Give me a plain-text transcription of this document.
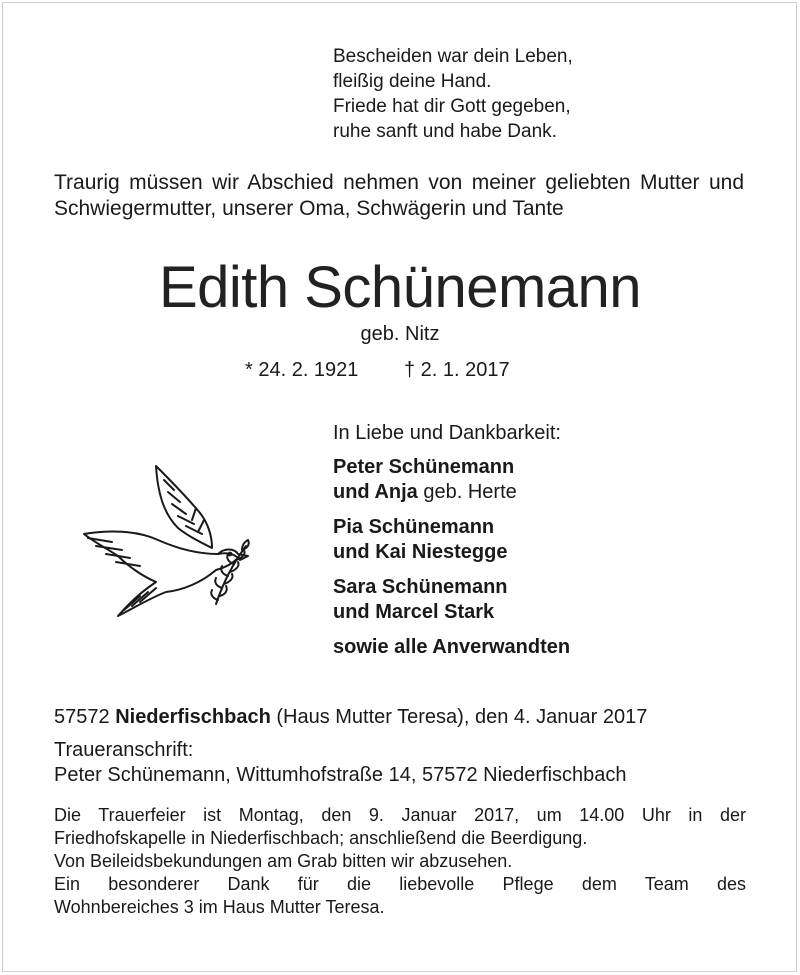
Bescheiden war dein Leben,
fleißig deine Hand.
Friede hat dir Gott gegeben,
ruhe sanft und habe Dank.
Traurig müssen wir Abschied nehmen von meiner geliebten Mutter und Schwiegermutter, unserer Oma, Schwägerin und Tante
Edith Schünemann
geb. Nitz
* 24. 2. 1921 † 2. 1. 2017
In Liebe und Dankbarkeit:
Peter Schünemann
und Anja geb. Herte
Pia Schünemann
und Kai Niestegge
Sara Schünemann
und Marcel Stark
sowie alle Anverwandten
57572 Niederfischbach (Haus Mutter Teresa), den 4. Januar 2017
Traueranschrift:
Peter Schünemann, Wittumhofstraße 14, 57572 Niederfischbach
Die Trauerfeier ist Montag, den 9. Januar 2017, um 14.00 Uhr in der
Friedhofskapelle in Niederfischbach; anschließend die Beerdigung.
Von Beileidsbekundungen am Grab bitten wir abzusehen.
Ein besonderer Dank für die liebevolle Pflege dem Team des
Wohnbereiches 3 im Haus Mutter Teresa.
